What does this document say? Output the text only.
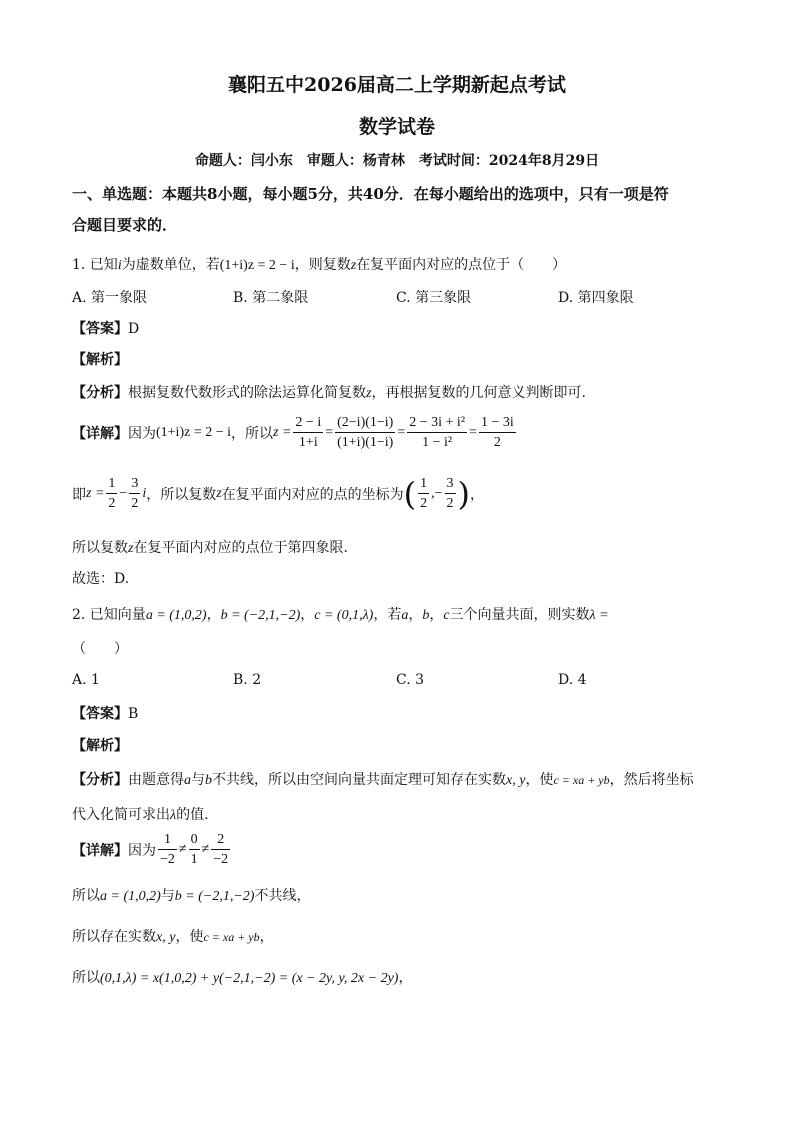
襄阳五中2026届高二上学期新起点考试
数学试卷
命题人：闫小东　审题人：杨青林　考试时间：2024年8月29日
一、单选题：本题共8小题，每小题5分，共40分．在每小题给出的选项中，只有一项是符
合题目要求的．
1. 已知i为虚数单位，若(1+i)z = 2 − i，则复数z在复平面内对应的点位于（　　）
A. 第一象限	B. 第二象限	C. 第三象限	D. 第四象限
【答案】D
【解析】
【分析】根据复数代数形式的除法运算化简复数z，再根据复数的几何意义判断即可.
【详解】 因为 (1+i)z = 2 − i ，所以 $z = \frac{2 - i}{1+i} = \frac{(2-i)(1-i)}{(1+i)(1-i)} = \frac{\text{2 − 3i + i²}}{\text{1 − i²}} = \frac{1 - 3i}{2}$
即 $z = \frac{1}{2} - \frac{3}{2}$ i ，所以复数 z 在复平面内对应的点的坐标为 ( $\frac{1}{2}$ ,− $\frac{3}{2}$ ) ，
所以复数z在复平面内对应的点位于第四象限.
故选：D.
2. 已知向量a = (1,0,2)，b = (−2,1,−2)，c = (0,1,λ)，若a，b，c三个向量共面，则实数λ =
（　　）
A. 1	B. 2	C. 3	D. 4
【答案】B
【解析】
【分析】由题意得a与b不共线，所以由空间向量共面定理可知存在实数x, y，使c = xa + yb，然后将坐标
代入化简可求出λ的值.
【详解】 因为 $\frac{1}{-2} \ne \frac{0}{1} \ne \frac{2}{-2}$
所以a = (1,0,2)与b = (−2,1,−2)不共线，
所以存在实数x, y，使c = xa + yb，
所以(0,1,λ) = x(1,0,2) + y(−2,1,−2) = (x − 2y, y, 2x − 2y)，
